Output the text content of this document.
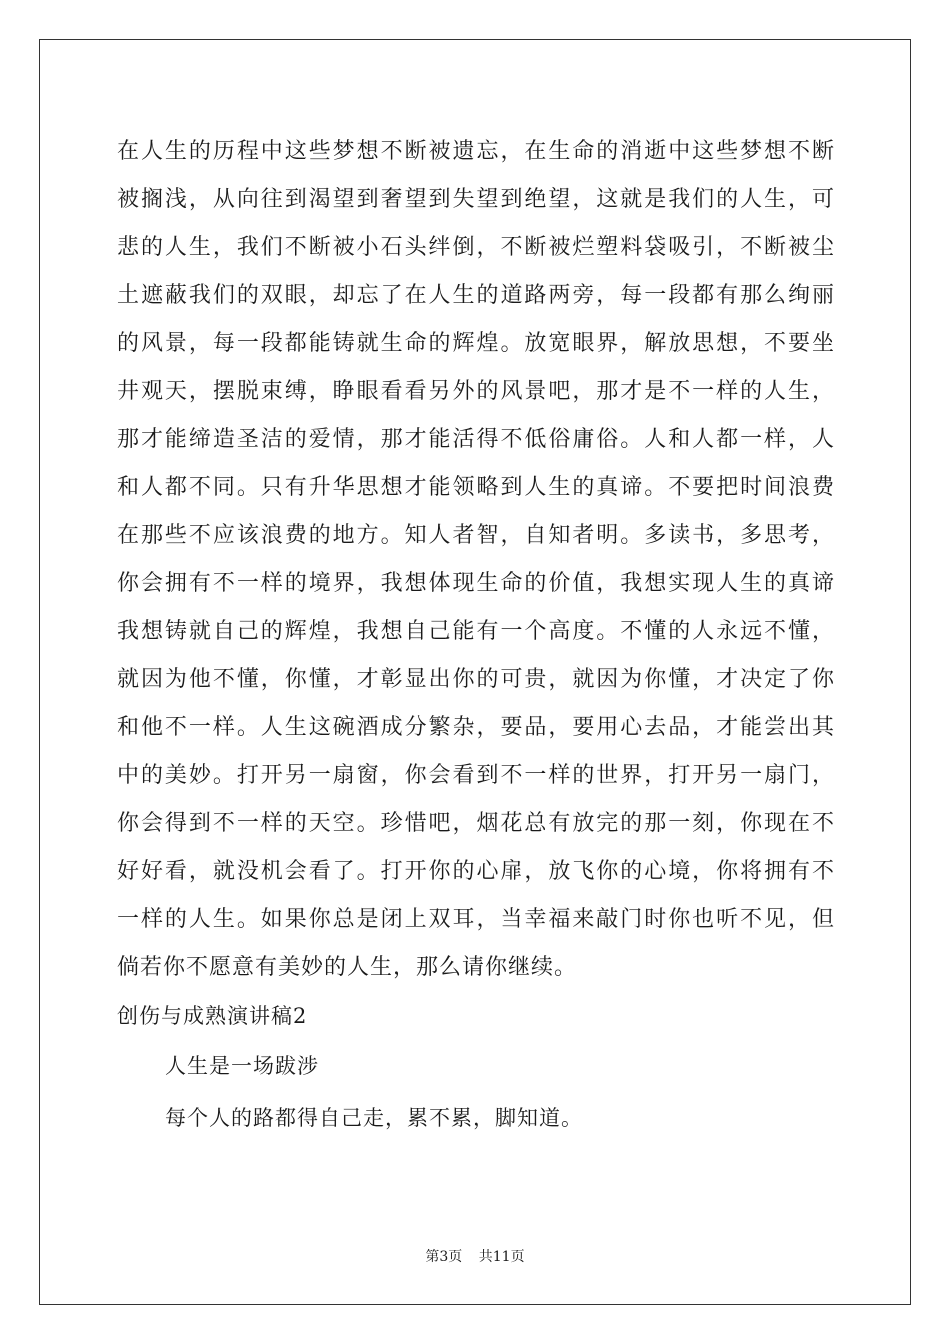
在人生的历程中这些梦想不断被遗忘，在生命的消逝中这些梦想不断
被搁浅，从向往到渴望到奢望到失望到绝望，这就是我们的人生，可
悲的人生，我们不断被小石头绊倒，不断被烂塑料袋吸引，不断被尘
土遮蔽我们的双眼，却忘了在人生的道路两旁，每一段都有那么绚丽
的风景，每一段都能铸就生命的辉煌。放宽眼界，解放思想，不要坐
井观天，摆脱束缚，睁眼看看另外的风景吧，那才是不一样的人生，
那才能缔造圣洁的爱情，那才能活得不低俗庸俗。人和人都一样，人
和人都不同。只有升华思想才能领略到人生的真谛。不要把时间浪费
在那些不应该浪费的地方。知人者智，自知者明。多读书，多思考，
你会拥有不一样的境界，我想体现生命的价值，我想实现人生的真谛
我想铸就自己的辉煌，我想自己能有一个高度。不懂的人永远不懂，
就因为他不懂，你懂，才彰显出你的可贵，就因为你懂，才决定了你
和他不一样。人生这碗酒成分繁杂，要品，要用心去品，才能尝出其
中的美妙。打开另一扇窗，你会看到不一样的世界，打开另一扇门，
你会得到不一样的天空。珍惜吧，烟花总有放完的那一刻，你现在不
好好看，就没机会看了。打开你的心扉，放飞你的心境，你将拥有不
一样的人生。如果你总是闭上双耳，当幸福来敲门时你也听不见，但
倘若你不愿意有美妙的人生，那么请你继续。
创伤与成熟演讲稿2
人生是一场跋涉
每个人的路都得自己走，累不累，脚知道。
第3页 共11页
